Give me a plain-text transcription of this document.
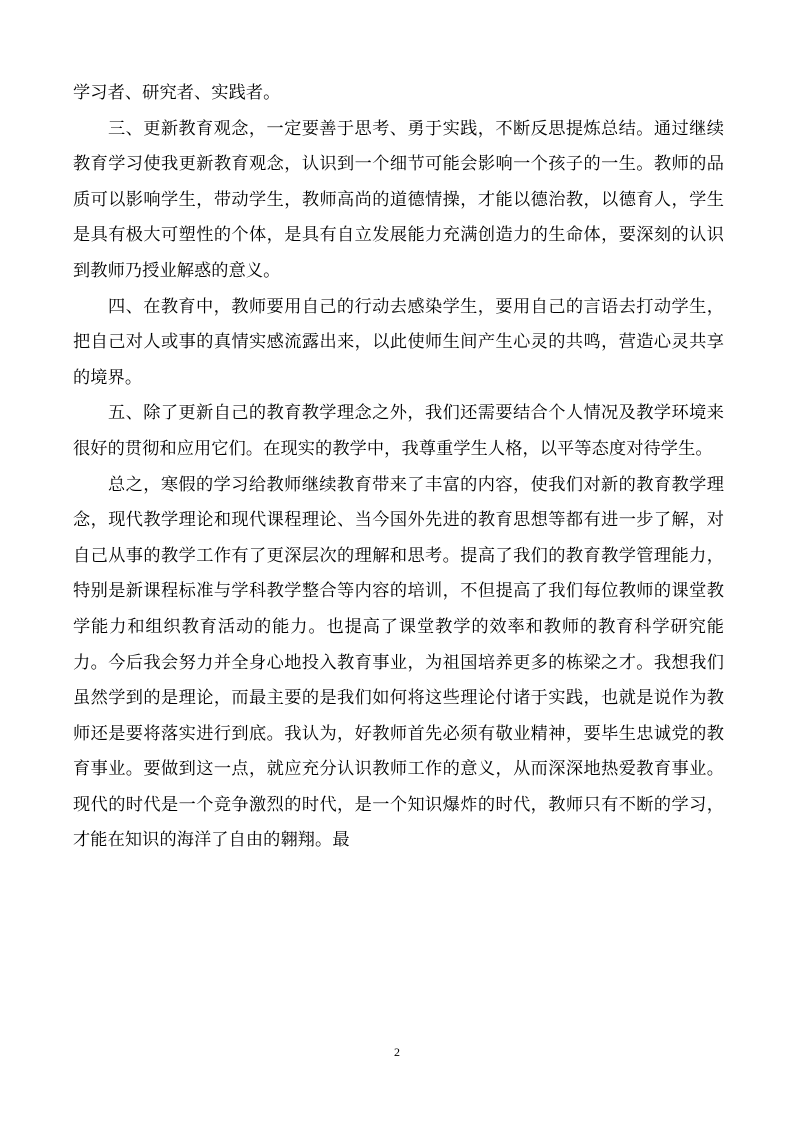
学习者、研究者、实践者。

三、更新教育观念，一定要善于思考、勇于实践，不断反思提炼总结。通过继续教育学习使我更新教育观念，认识到一个细节可能会影响一个孩子的一生。教师的品质可以影响学生，带动学生，教师高尚的道德情操，才能以德治教，以德育人，学生是具有极大可塑性的个体，是具有自立发展能力充满创造力的生命体，要深刻的认识到教师乃授业解惑的意义。

四、在教育中，教师要用自己的行动去感染学生，要用自己的言语去打动学生，把自己对人或事的真情实感流露出来，以此使师生间产生心灵的共鸣，营造心灵共享的境界。

五、除了更新自己的教育教学理念之外，我们还需要结合个人情况及教学环境来很好的贯彻和应用它们。在现实的教学中，我尊重学生人格，以平等态度对待学生。

总之，寒假的学习给教师继续教育带来了丰富的内容，使我们对新的教育教学理念，现代教学理论和现代课程理论、当今国外先进的教育思想等都有进一步了解，对自己从事的教学工作有了更深层次的理解和思考。提高了我们的教育教学管理能力，特别是新课程标准与学科教学整合等内容的培训，不但提高了我们每位教师的课堂教学能力和组织教育活动的能力。也提高了课堂教学的效率和教师的教育科学研究能力。今后我会努力并全身心地投入教育事业，为祖国培养更多的栋梁之才。我想我们虽然学到的是理论，而最主要的是我们如何将这些理论付诸于实践，也就是说作为教师还是要将落实进行到底。我认为，好教师首先必须有敬业精神，要毕生忠诚党的教育事业。要做到这一点，就应充分认识教师工作的意义，从而深深地热爱教育事业。现代的时代是一个竞争激烈的时代，是一个知识爆炸的时代，教师只有不断的学习，才能在知识的海洋了自由的翱翔。最

2
